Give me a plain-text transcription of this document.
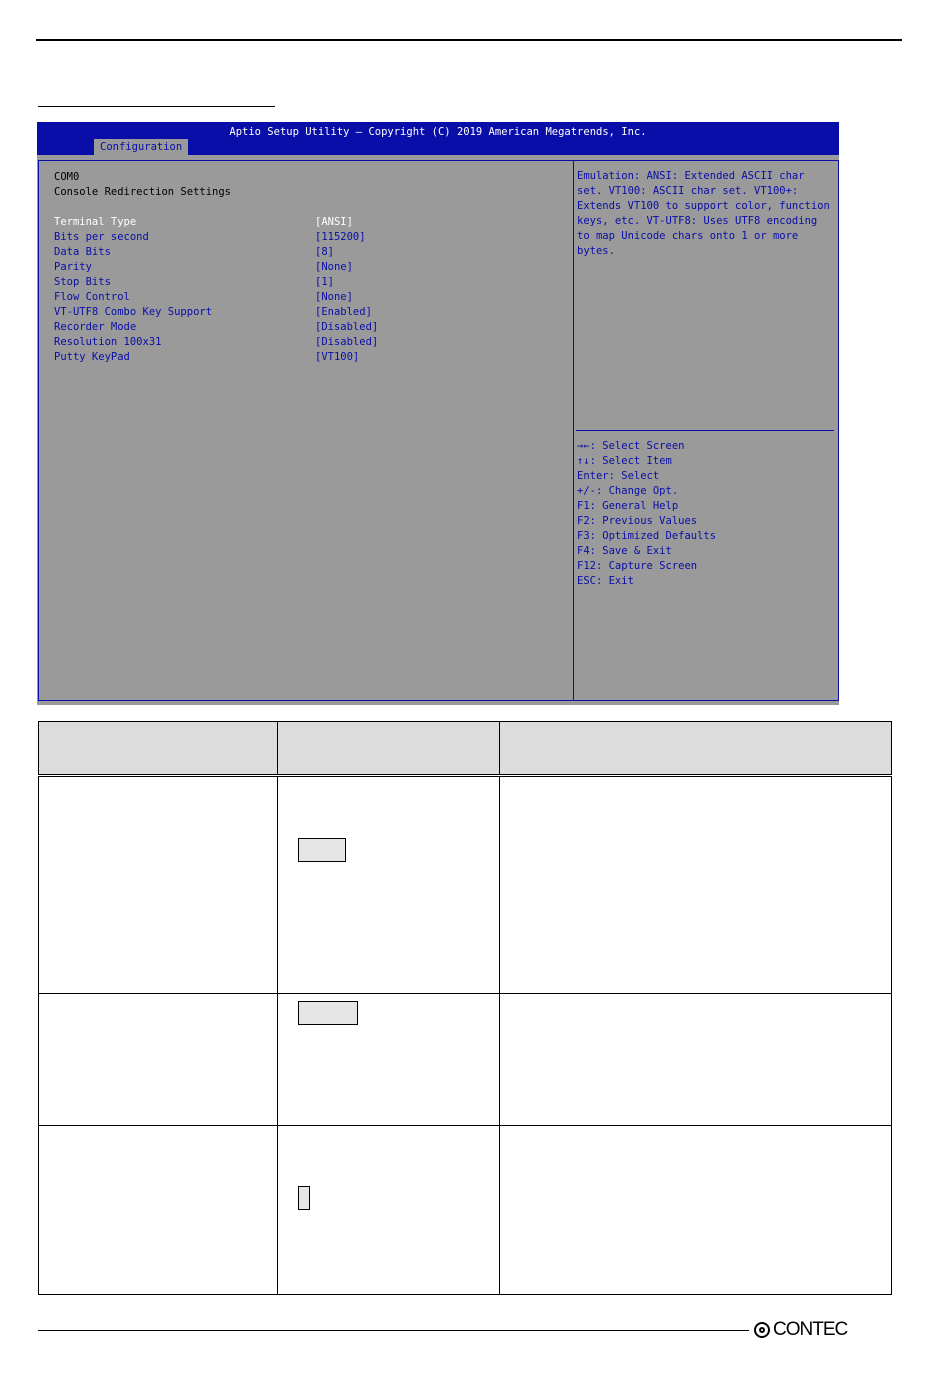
Aptio Setup Utility – Copyright (C) 2019 American Megatrends, Inc.
Configuration
COM0
Console Redirection Settings
Terminal Type	[ANSI]
Bits per second	[115200]
Data Bits	[8]
Parity	[None]
Stop Bits	[1]
Flow Control	[None]
VT-UTF8 Combo Key Support	[Enabled]
Recorder Mode	[Disabled]
Resolution 100x31	[Disabled]
Putty KeyPad	[VT100]
Emulation: ANSI: Extended ASCII char set. VT100: ASCII char set. VT100+: Extends VT100 to support color, function keys, etc. VT-UTF8: Uses UTF8 encoding to map Unicode chars onto 1 or more bytes.
→←: Select Screen
↑↓: Select Item
Enter: Select
+/-: Change Opt.
F1: General Help
F2: Previous Values
F3: Optimized Defaults
F4: Save & Exit
F12: Capture Screen
ESC: Exit

CONTEC
